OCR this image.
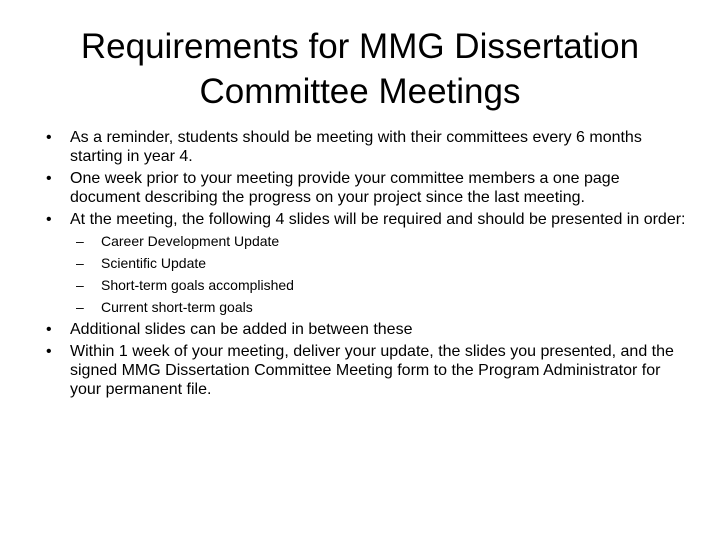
Requirements for MMG Dissertation Committee Meetings
• As a reminder, students should be meeting with their committees every 6 months starting in year 4.
• One week prior to your meeting provide your committee members a one page document describing the progress on your project since the last meeting.
• At the meeting, the following 4 slides will be required and should be presented in order:
– Career Development Update
– Scientific Update
– Short-term goals accomplished
– Current short-term goals
• Additional slides can be added in between these
• Within 1 week of your meeting, deliver your update, the slides you presented, and the signed MMG Dissertation Committee Meeting form to the Program Administrator for your permanent file.
